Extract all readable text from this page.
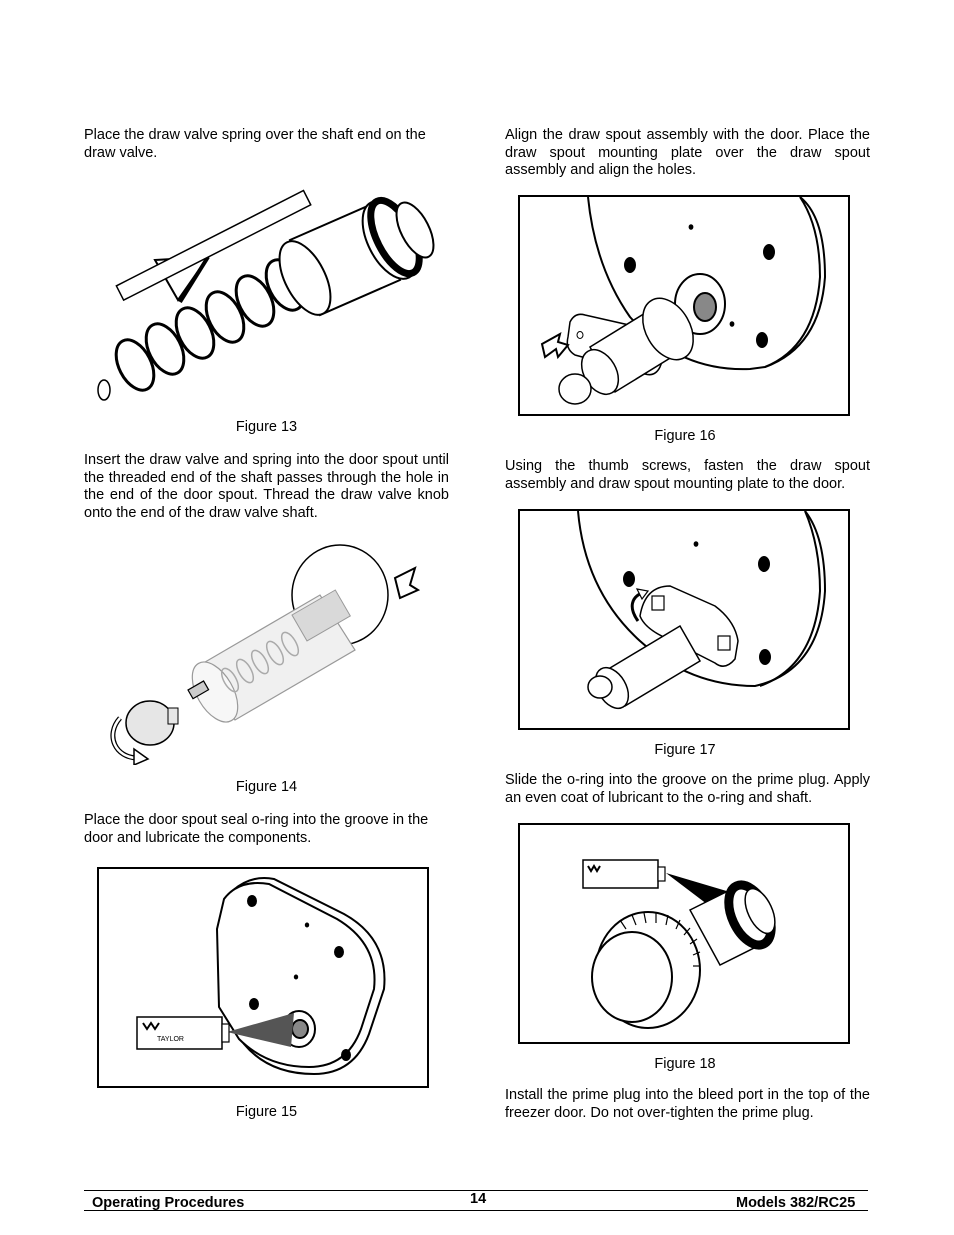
Place the draw valve spring over the shaft end on the draw valve.

Figure 13

Insert the draw valve and spring into the door spout until the threaded end of the shaft passes through the hole in the end of the door spout. Thread the draw valve knob onto the end of the draw valve shaft.

Figure 14

Place the door spout seal o-ring into the groove in the door and lubricate the components.

TAYLOR
Figure 15

Align the draw spout assembly with the door. Place the draw spout mounting plate over the draw spout assembly and align the holes.

Figure 16

Using the thumb screws, fasten the draw spout assembly and draw spout mounting plate to the door.

Figure 17

Slide the o-ring into the groove on the prime plug. Apply an even coat of lubricant to the o-ring and shaft.

Figure 18

Install the prime plug into the bleed port in the top of the freezer door. Do not over-tighten the prime plug.

Operating Procedures	14	Models 382/RC25
